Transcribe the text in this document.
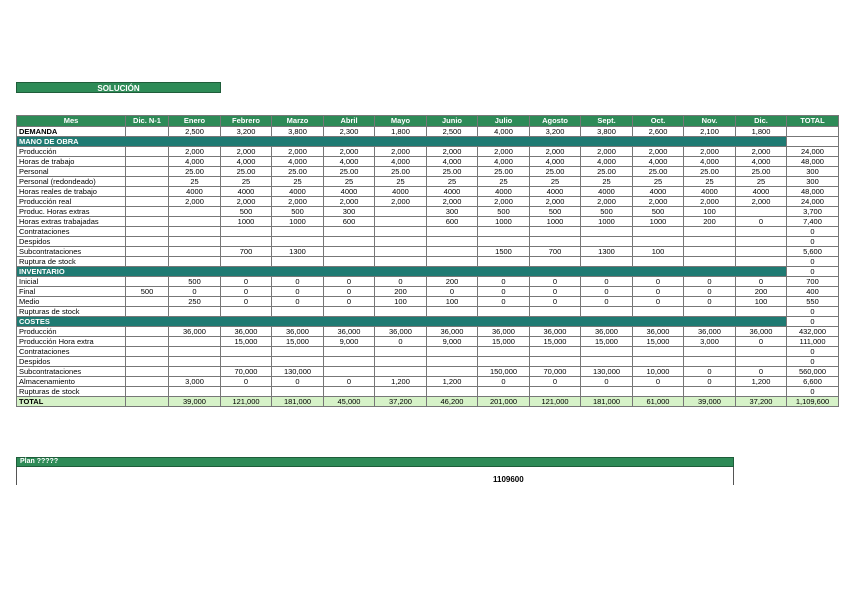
SOLUCIÓN
Mes	Dic. N-1	Enero	Febrero	Marzo	Abril	Mayo	Junio	Julio	Agosto	Sept.	Oct.	Nov.	Dic.	TOTAL
DEMANDA		2,500	3,200	3,800	2,300	1,800	2,500	4,000	3,200	3,800	2,600	2,100	1,800	
MANO DE OBRA														
Producción		2,000	2,000	2,000	2,000	2,000	2,000	2,000	2,000	2,000	2,000	2,000	2,000	24,000
Horas de trabajo		4,000	4,000	4,000	4,000	4,000	4,000	4,000	4,000	4,000	4,000	4,000	4,000	48,000
Personal		25.00	25.00	25.00	25.00	25.00	25.00	25.00	25.00	25.00	25.00	25.00	25.00	300
Personal (redondeado)		25	25	25	25	25	25	25	25	25	25	25	25	300
Horas reales de trabajo		4000	4000	4000	4000	4000	4000	4000	4000	4000	4000	4000	4000	48,000
Producción real		2,000	2,000	2,000	2,000	2,000	2,000	2,000	2,000	2,000	2,000	2,000	2,000	24,000
Produc. Horas extras			500	500	300		300	500	500	500	500	100		3,700
Horas extras trabajadas			1000	1000	600		600	1000	1000	1000	1000	200	0	7,400
Contrataciones														0
Despidos														0
Subcontrataciones			700	1300				1500	700	1300	100			5,600
Ruptura de stock														0
INVENTARIO														0
Inicial		500	0	0	0	0	200	0	0	0	0	0	0	700
Final	500	0	0	0	0	200	0	0	0	0	0	0	200	400
Medio		250	0	0	0	100	100	0	0	0	0	0	100	550
Rupturas de stock														0
COSTES														0
Producción		36,000	36,000	36,000	36,000	36,000	36,000	36,000	36,000	36,000	36,000	36,000	36,000	432,000
Producción Hora extra			15,000	15,000	9,000	0	9,000	15,000	15,000	15,000	15,000	3,000	0	111,000
Contrataciones														0
Despidos														0
Subcontrataciones			70,000	130,000				150,000	70,000	130,000	10,000	0	0	560,000
Almacenamiento		3,000	0	0	0	1,200	1,200	0	0	0	0	0	1,200	6,600
Rupturas de stock														0
TOTAL		39,000	121,000	181,000	45,000	37,200	46,200	201,000	121,000	181,000	61,000	39,000	37,200	1,109,600
Plan ?????
1109600
